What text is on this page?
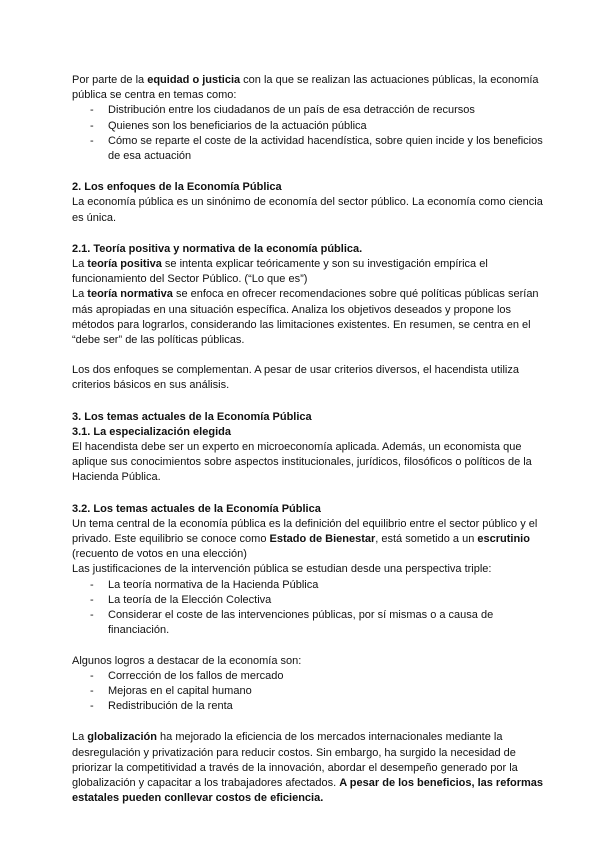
Por parte de la equidad o justicia con la que se realizan las actuaciones públicas, la economía pública se centra en temas como:

- Distribución entre los ciudadanos de un país de esa detracción de recursos
- Quienes son los beneficiarios de la actuación pública
- Cómo se reparte el coste de la actividad hacendística, sobre quien incide y los beneficios de esa actuación

2. Los enfoques de la Economía Pública

La economía pública es un sinónimo de economía del sector público. La economía como ciencia es única.

2.1. Teoría positiva y normativa de la economía pública.

La teoría positiva se intenta explicar teóricamente y son su investigación empírica el funcionamiento del Sector Público. (“Lo que es”)

La teoría normativa se enfoca en ofrecer recomendaciones sobre qué políticas públicas serían más apropiadas en una situación específica. Analiza los objetivos deseados y propone los métodos para lograrlos, considerando las limitaciones existentes. En resumen, se centra en el “debe ser” de las políticas públicas.

Los dos enfoques se complementan. A pesar de usar criterios diversos, el hacendista utiliza criterios básicos en sus análisis.

3. Los temas actuales de la Economía Pública

3.1. La especialización elegida

El hacendista debe ser un experto en microeconomía aplicada. Además, un economista que aplique sus conocimientos sobre aspectos institucionales, jurídicos, filosóficos o políticos de la Hacienda Pública.

3.2. Los temas actuales de la Economía Pública

Un tema central de la economía pública es la definición del equilibrio entre el sector público y el privado. Este equilibrio se conoce como Estado de Bienestar, está sometido a un escrutinio (recuento de votos en una elección)

Las justificaciones de la intervención pública se estudian desde una perspectiva triple:

- La teoría normativa de la Hacienda Pública
- La teoría de la Elección Colectiva
- Considerar el coste de las intervenciones públicas, por sí mismas o a causa de financiación.

Algunos logros a destacar de la economía son:

- Corrección de los fallos de mercado
- Mejoras en el capital humano
- Redistribución de la renta

La globalización ha mejorado la eficiencia de los mercados internacionales mediante la desregulación y privatización para reducir costos. Sin embargo, ha surgido la necesidad de priorizar la competitividad a través de la innovación, abordar el desempeño generado por la globalización y capacitar a los trabajadores afectados. A pesar de los beneficios, las reformas estatales pueden conllevar costos de eficiencia.
